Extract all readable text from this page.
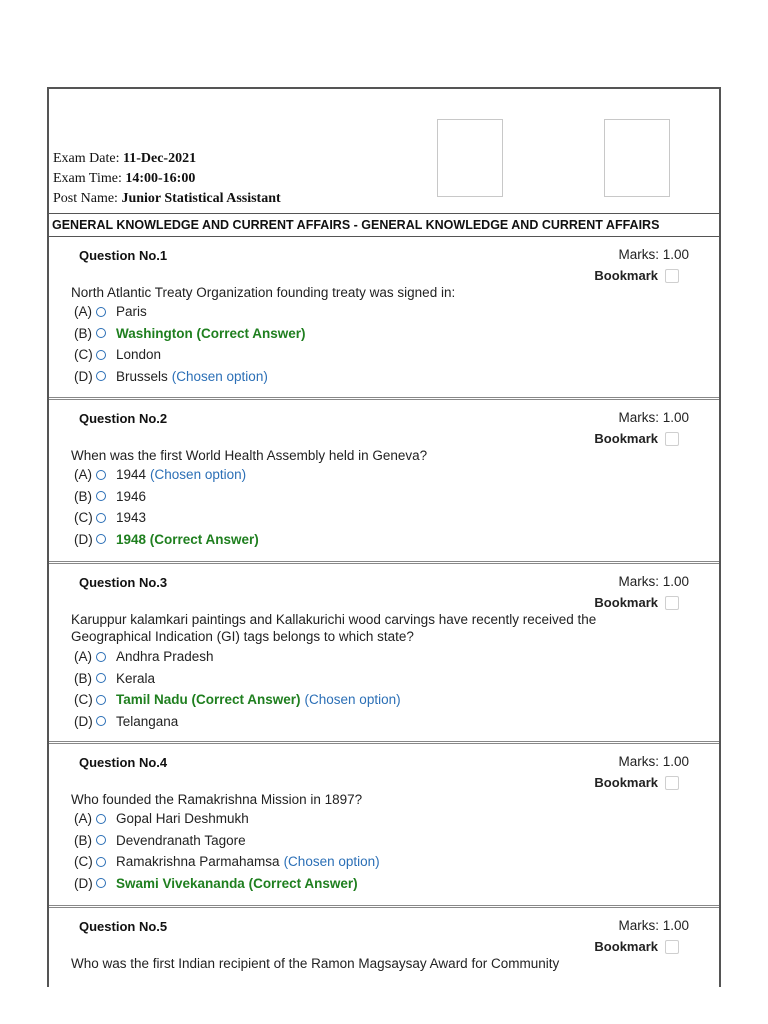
Exam Date: 11-Dec-2021
Exam Time: 14:00-16:00
Post Name: Junior Statistical Assistant
GENERAL KNOWLEDGE AND CURRENT AFFAIRS - GENERAL KNOWLEDGE AND CURRENT AFFAIRS
Question No.1	Marks: 1.00
Bookmark
North Atlantic Treaty Organization founding treaty was signed in:
(A) Paris
(B) Washington (Correct Answer)
(C) London
(D) Brussels (Chosen option)
Question No.2	Marks: 1.00
Bookmark
When was the first World Health Assembly held in Geneva?
(A) 1944 (Chosen option)
(B) 1946
(C) 1943
(D) 1948 (Correct Answer)
Question No.3	Marks: 1.00
Bookmark
Karuppur kalamkari paintings and Kallakurichi wood carvings have recently received the Geographical Indication (GI) tags belongs to which state?
(A) Andhra Pradesh
(B) Kerala
(C) Tamil Nadu (Correct Answer) (Chosen option)
(D) Telangana
Question No.4	Marks: 1.00
Bookmark
Who founded the Ramakrishna Mission in 1897?
(A) Gopal Hari Deshmukh
(B) Devendranath Tagore
(C) Ramakrishna Parmahamsa (Chosen option)
(D) Swami Vivekananda (Correct Answer)
Question No.5	Marks: 1.00
Bookmark
Who was the first Indian recipient of the Ramon Magsaysay Award for Community
